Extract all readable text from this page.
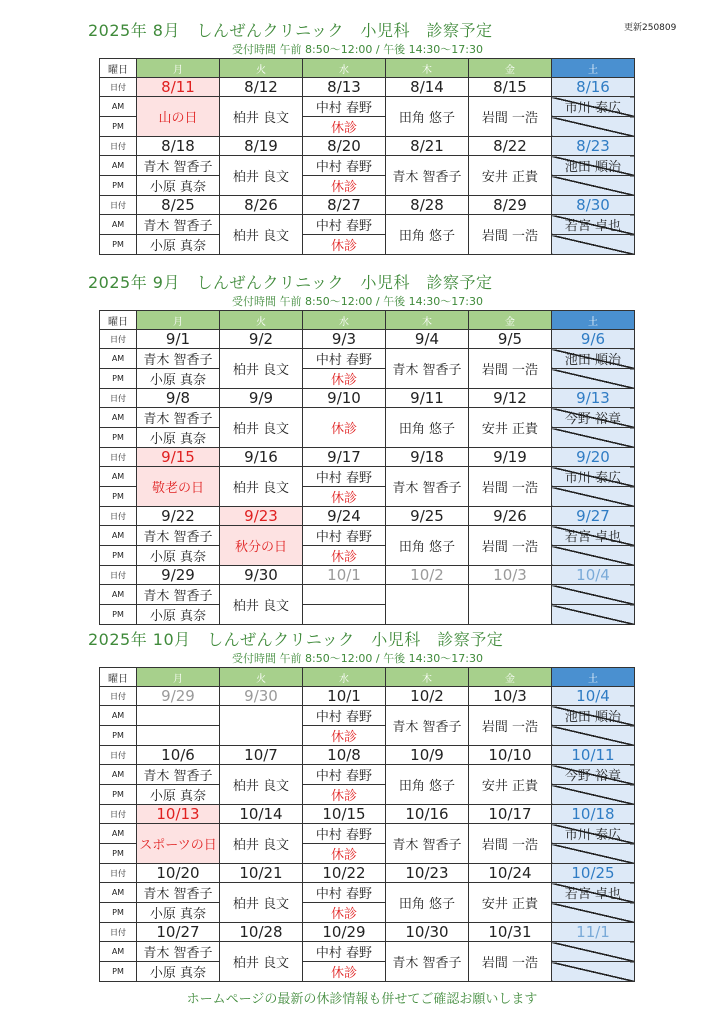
更新250809
2025年 8月　しんぜんクリニック　小児科　診察予定
受付時間 午前 8:50～12:00 / 午後 14:30～17:30
曜日	月	火	水	木	金	土
日付	8/11	8/12	8/13	8/14	8/15	8/16
AM	山の日	柏井 良文	中村 春野	田角 悠子	岩間 一浩	市川 泰広
PM			休診			
日付	8/18	8/19	8/20	8/21	8/22	8/23
AM	青木 智香子	柏井 良文	中村 春野	青木 智香子	安井 正貴	池田 順治
PM	小原 真奈		休診			
日付	8/25	8/26	8/27	8/28	8/29	8/30
AM	青木 智香子	柏井 良文	中村 春野	田角 悠子	岩間 一浩	若宮 卓也
PM	小原 真奈		休診			
2025年 9月　しんぜんクリニック　小児科　診察予定
受付時間 午前 8:50～12:00 / 午後 14:30～17:30
曜日	月	火	水	木	金	土
日付	9/1	9/2	9/3	9/4	9/5	9/6
AM	青木 智香子	柏井 良文	中村 春野	青木 智香子	岩間 一浩	池田 順治
PM	小原 真奈		休診			
日付	9/8	9/9	9/10	9/11	9/12	9/13
AM	青木 智香子	柏井 良文	休診	田角 悠子	安井 正貴	今野 裕章
PM	小原 真奈					
日付	9/15	9/16	9/17	9/18	9/19	9/20
AM	敬老の日	柏井 良文	中村 春野	青木 智香子	岩間 一浩	市川 泰広
PM			休診			
日付	9/22	9/23	9/24	9/25	9/26	9/27
AM	青木 智香子	秋分の日	中村 春野	田角 悠子	岩間 一浩	若宮 卓也
PM	小原 真奈		休診			
日付	9/29	9/30	10/1	10/2	10/3	10/4
AM	青木 智香子	柏井 良文				
PM	小原 真奈					
2025年 10月　しんぜんクリニック　小児科　診察予定
受付時間 午前 8:50～12:00 / 午後 14:30～17:30
曜日	月	火	水	木	金	土
日付	9/29	9/30	10/1	10/2	10/3	10/4
AM			中村 春野	青木 智香子	岩間 一浩	池田 順治
PM			休診			
日付	10/6	10/7	10/8	10/9	10/10	10/11
AM	青木 智香子	柏井 良文	中村 春野	田角 悠子	安井 正貴	今野 裕章
PM	小原 真奈		休診			
日付	10/13	10/14	10/15	10/16	10/17	10/18
AM	スポーツの日	柏井 良文	中村 春野	青木 智香子	岩間 一浩	市川 泰広
PM			休診			
日付	10/20	10/21	10/22	10/23	10/24	10/25
AM	青木 智香子	柏井 良文	中村 春野	田角 悠子	安井 正貴	若宮 卓也
PM	小原 真奈		休診			
日付	10/27	10/28	10/29	10/30	10/31	11/1
AM	青木 智香子	柏井 良文	中村 春野	青木 智香子	岩間 一浩	
PM	小原 真奈		休診			
ホームページの最新の休診情報も併せてご確認お願いします
